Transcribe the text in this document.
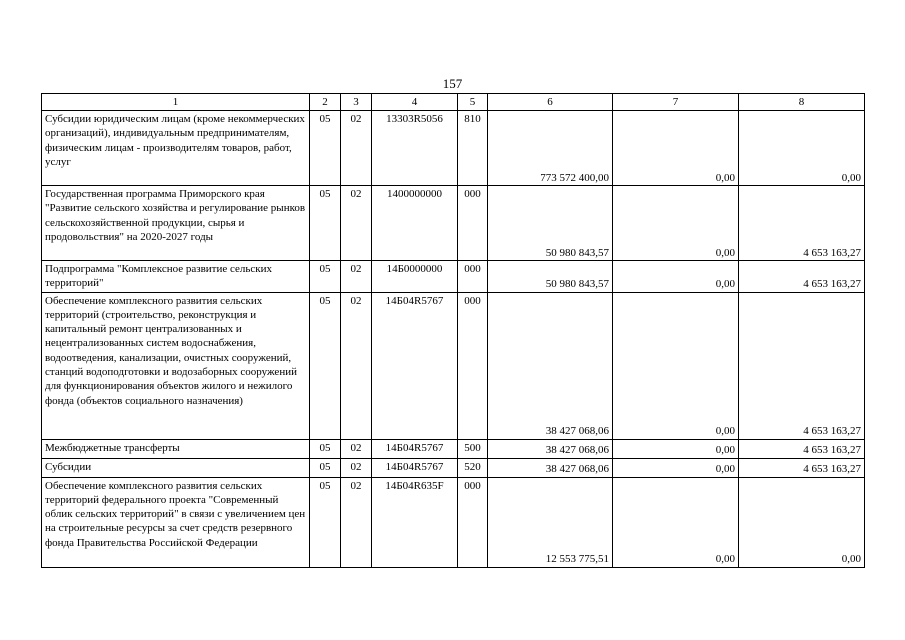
157
1	2	3	4	5	6	7	8
Субсидии юридическим лицам (кроме некоммерческих организаций), индивидуальным предпринимателям, физическим лицам - производителям товаров, работ, услуг	05	02	13303R5056	810	773 572 400,00	0,00	0,00
Государственная программа Приморского края "Развитие сельского хозяйства и регулирование рынков сельскохозяйственной продукции, сырья и продовольствия" на 2020-2027 годы	05	02	1400000000	000	50 980 843,57	0,00	4 653 163,27
Подпрограмма "Комплексное развитие сельских территорий"	05	02	14Б0000000	000	50 980 843,57	0,00	4 653 163,27
Обеспечение комплексного развития сельских территорий (строительство, реконструкция и капитальный ремонт централизованных и нецентрализованных систем водоснабжения, водоотведения, канализации, очистных сооружений, станций водоподготовки и водозаборных сооружений для функционирования объектов жилого и нежилого фонда (объектов социального назначения)	05	02	14Б04R5767	000	38 427 068,06	0,00	4 653 163,27
Межбюджетные трансферты	05	02	14Б04R5767	500	38 427 068,06	0,00	4 653 163,27
Субсидии	05	02	14Б04R5767	520	38 427 068,06	0,00	4 653 163,27
Обеспечение комплексного развития сельских территорий федерального проекта "Современный облик сельских территорий" в связи с увеличением цен на строительные ресурсы за счет средств резервного фонда Правительства Российской Федерации	05	02	14Б04R635F	000	12 553 775,51	0,00	0,00
